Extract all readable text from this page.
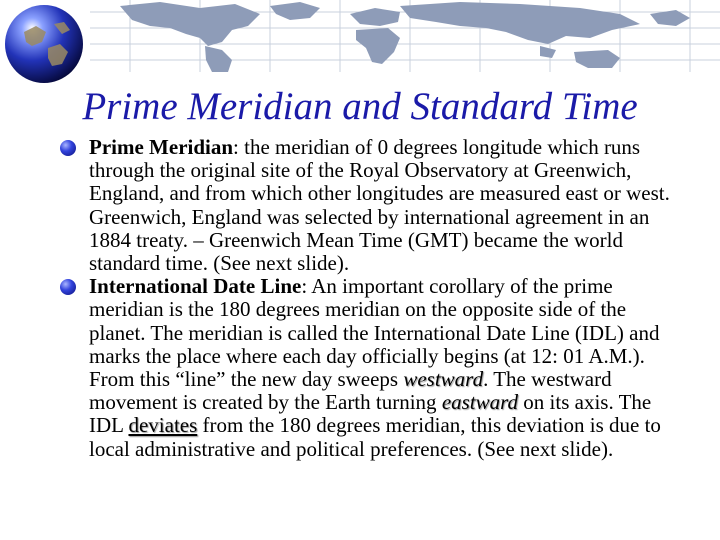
Prime Meridian and Standard Time
Prime Meridian: the meridian of 0 degrees longitude which runs through the original site of the Royal Observatory at Greenwich, England, and from which other longitudes are measured east or west. Greenwich, England was selected by international agreement in an 1884 treaty. – Greenwich Mean Time (GMT) became the world standard time. (See next slide).
International Date Line: An important corollary of the prime meridian is the 180 degrees meridian on the opposite side of the planet. The meridian is called the International Date Line (IDL) and marks the place where each day officially begins (at 12: 01 A.M.). From this “line” the new day sweeps westward. The westward movement is created by the Earth turning eastward on its axis. The IDL deviates from the 180 degrees meridian, this deviation is due to local administrative and political preferences. (See next slide).
